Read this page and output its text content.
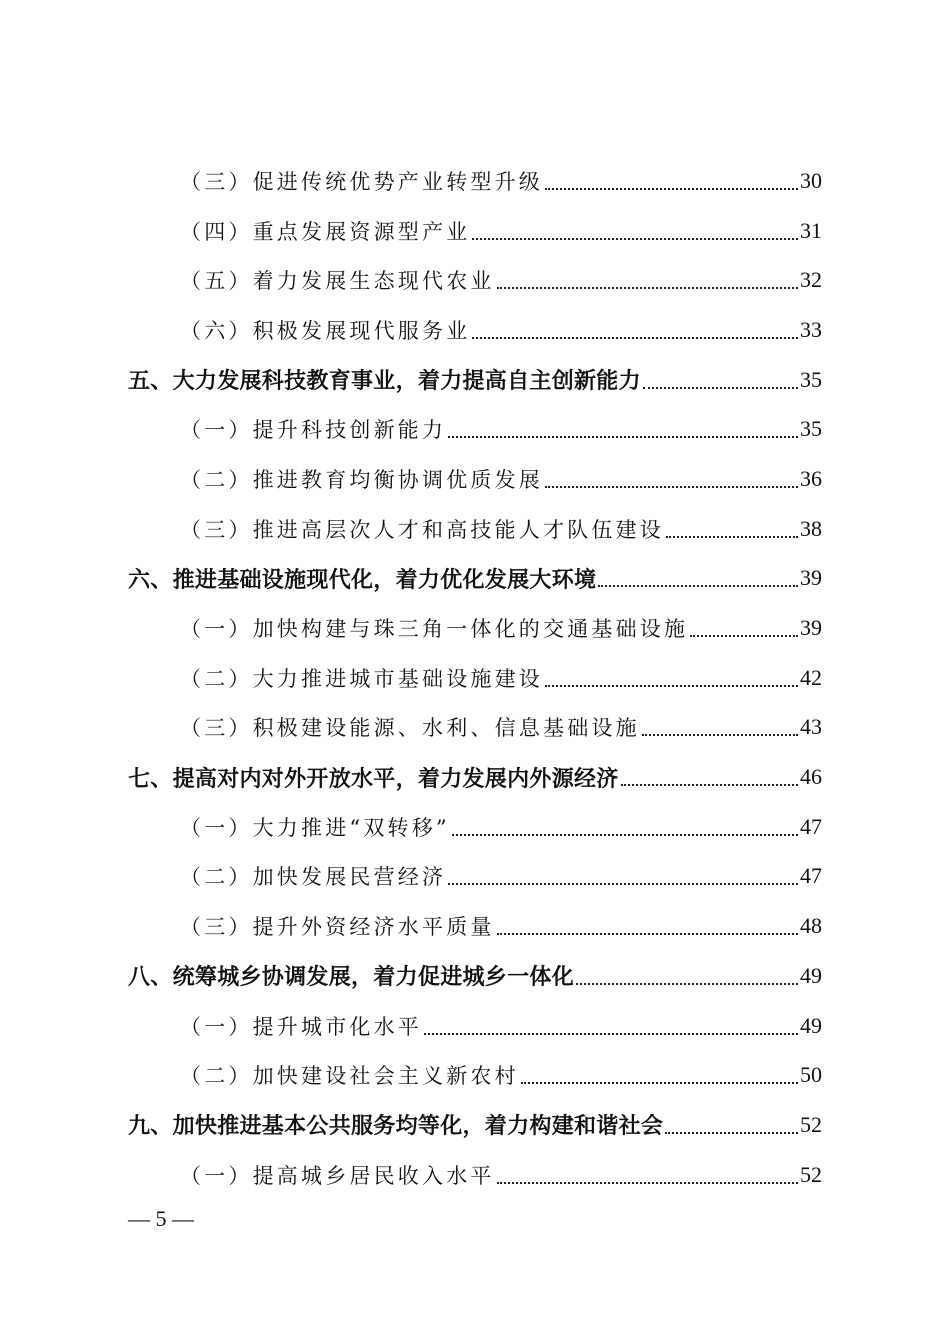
（三）促进传统优势产业转型升级	30
（四）重点发展资源型产业	31
（五）着力发展生态现代农业	32
（六）积极发展现代服务业	33
五、大力发展科技教育事业，着力提高自主创新能力	35
（一）提升科技创新能力	35
（二）推进教育均衡协调优质发展	36
（三）推进高层次人才和高技能人才队伍建设	38
六、推进基础设施现代化，着力优化发展大环境	39
（一）加快构建与珠三角一体化的交通基础设施	39
（二）大力推进城市基础设施建设	42
（三）积极建设能源、水利、信息基础设施	43
七、提高对内对外开放水平，着力发展内外源经济	46
（一）大力推进“双转移”	47
（二）加快发展民营经济	47
（三）提升外资经济水平质量	48
八、统筹城乡协调发展，着力促进城乡一体化	49
（一）提升城市化水平	49
（二）加快建设社会主义新农村	50
九、加快推进基本公共服务均等化，着力构建和谐社会	52
（一）提高城乡居民收入水平	52
— 5 —
